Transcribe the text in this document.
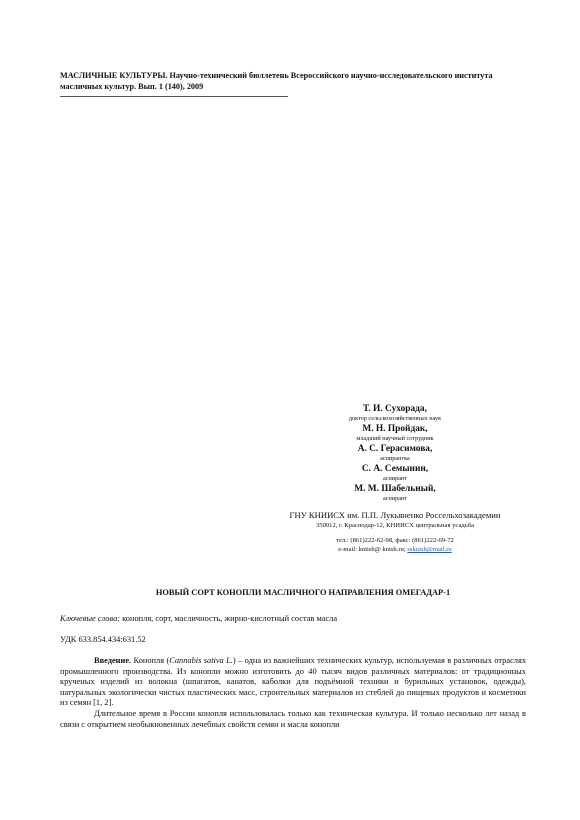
МАСЛИЧНЫЕ КУЛЬТУРЫ. Научно-технический бюллетень Всероссийского научно-исследовательского института масличных культур. Вып. 1 (140), 2009
Т. И. Сухорада,
доктор сельскохозяйственных наук
М. Н. Пройдак,
младший научный сотрудник
А. С. Герасимова,
аспирантка
С. А. Семынин,
аспирант
М. М. Шабельный,
аспирант
ГНУ КНИИСХ им. П.П. Лукьяненко Россельхозакадемии
350012, г. Краснодар-12, КНИИСХ центральная усадьба
тел.: (861)222-62-98, факс: (861)222-69-72
e-mail: kniish@ knish.ru; ssknish@mail.ru
НОВЫЙ СОРТ КОНОПЛИ МАСЛИЧНОГО НАПРАВЛЕНИЯ ОМЕГАДАР-1
Ключевые слова: конопля, сорт, масличность, жирно-кислотный состав масла
УДК 633.854.434:631.52

Введение. Конопля (Cannabis sativa L.) – одна из важнейших технических культур, используемая в различных отраслях промышленного производства. Из конопли можно изготовить до 40 тысяч видов различных материалов: от традиционных крученых изделий из волокна (шпагатов, канатов, каболки для подъёмной техники и бурильных установок, одежды), натуральных экологически чистых пластических масс, строительных материалов из стеблей до пищевых продуктов и косметики из семян [1, 2].

Длительное время в России конопля использовалась только как техническая культура. И только несколько лет назад в связи с открытием необыкновенных лечебных свойств семян и масла конопли
